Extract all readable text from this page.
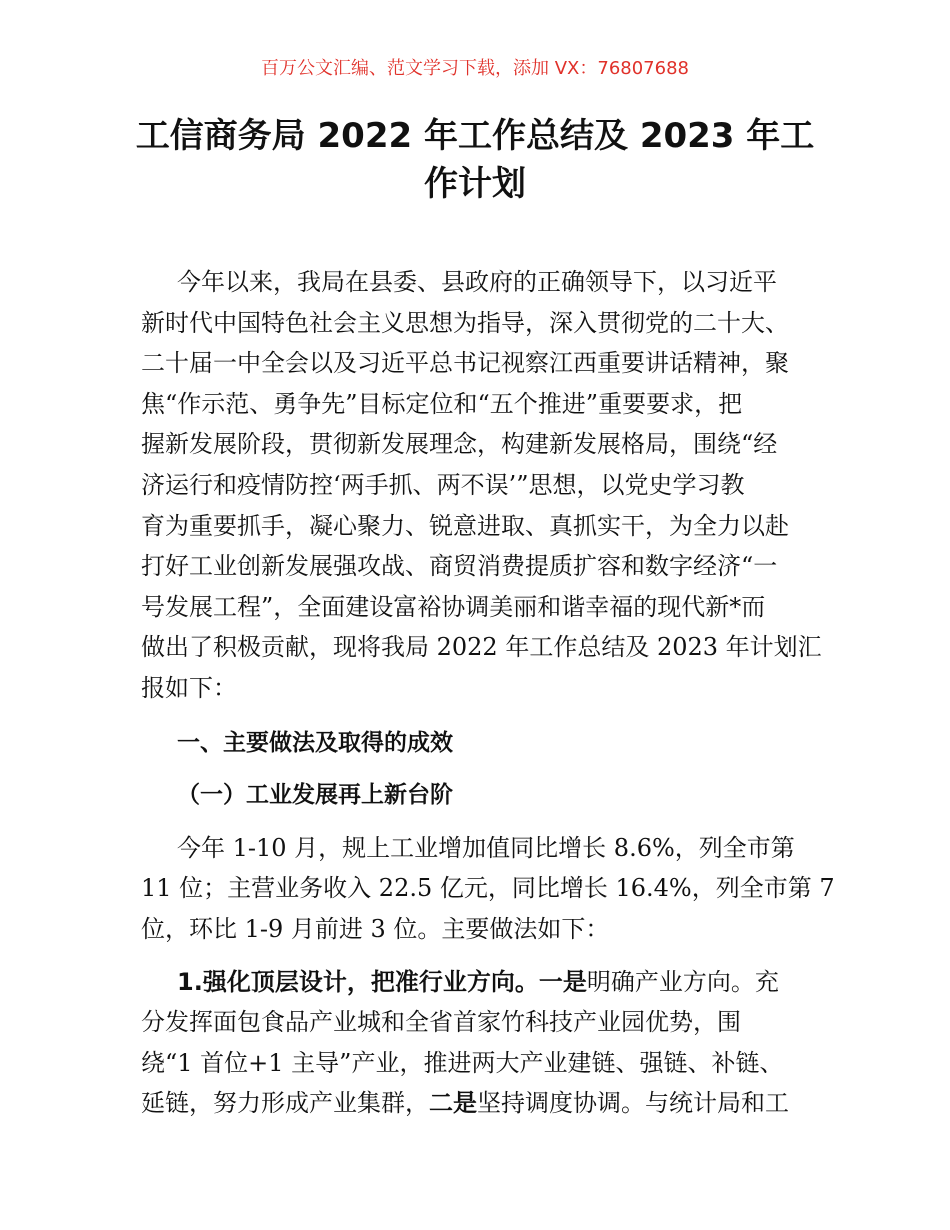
百万公文汇编、范文学习下载，添加 VX：76807688
工信商务局 2022 年工作总结及 2023 年工
作计划

今年以来，我局在县委、县政府的正确领导下，以习近平
新时代中国特色社会主义思想为指导，深入贯彻党的二十大、
二十届一中全会以及习近平总书记视察江西重要讲话精神，聚
焦“作示范、勇争先”目标定位和“五个推进”重要要求，把
握新发展阶段，贯彻新发展理念，构建新发展格局，围绕“经
济运行和疫情防控‘两手抓、两不误’”思想，以党史学习教
育为重要抓手，凝心聚力、锐意进取、真抓实干，为全力以赴
打好工业创新发展强攻战、商贸消费提质扩容和数字经济“一
号发展工程”，全面建设富裕协调美丽和谐幸福的现代新*而
做出了积极贡献，现将我局 2022 年工作总结及 2023 年计划汇
报如下：

一、主要做法及取得的成效

（一）工业发展再上新台阶

今年 1-10 月，规上工业增加值同比增长 8.6%，列全市第
11 位；主营业务收入 22.5 亿元，同比增长 16.4%，列全市第 7
位，环比 1-9 月前进 3 位。主要做法如下：

1.强化顶层设计，把准行业方向。一是明确产业方向。充
分发挥面包食品产业城和全省首家竹科技产业园优势，围
绕“1 首位+1 主导”产业，推进两大产业建链、强链、补链、
延链，努力形成产业集群，二是坚持调度协调。与统计局和工
